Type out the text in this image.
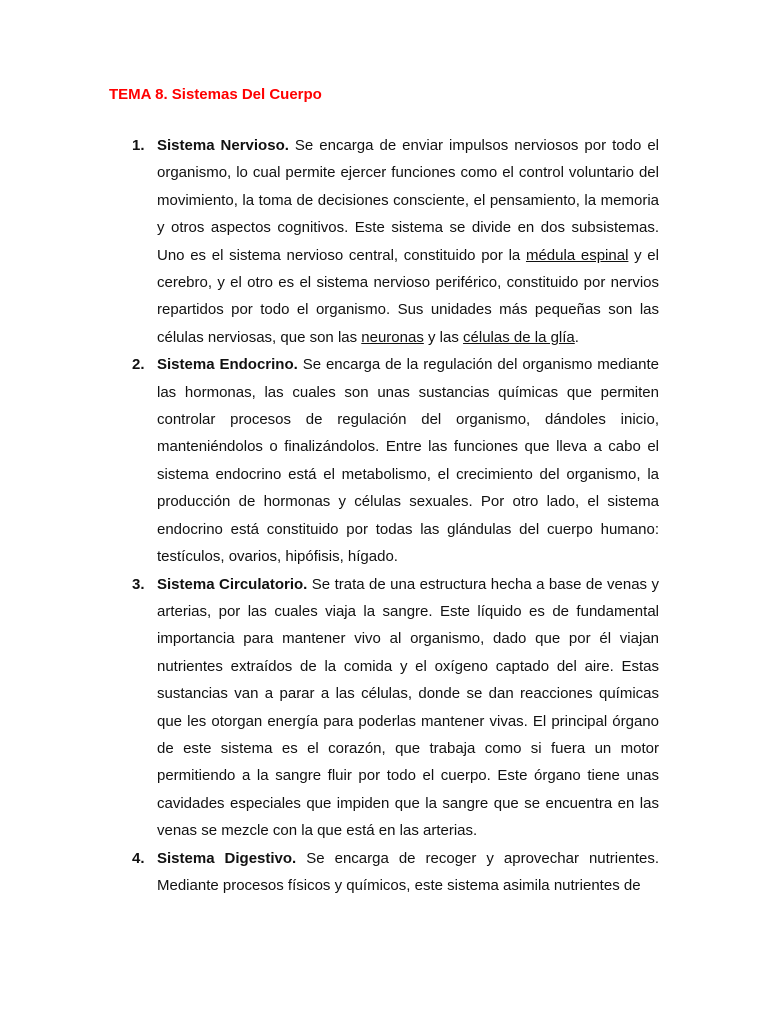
TEMA 8. Sistemas Del Cuerpo
1. Sistema Nervioso. Se encarga de enviar impulsos nerviosos por todo el organismo, lo cual permite ejercer funciones como el control voluntario del movimiento, la toma de decisiones consciente, el pensamiento, la memoria y otros aspectos cognitivos. Este sistema se divide en dos subsistemas. Uno es el sistema nervioso central, constituido por la médula espinal y el cerebro, y el otro es el sistema nervioso periférico, constituido por nervios repartidos por todo el organismo. Sus unidades más pequeñas son las células nerviosas, que son las neuronas y las células de la glía.
2. Sistema Endocrino. Se encarga de la regulación del organismo mediante las hormonas, las cuales son unas sustancias químicas que permiten controlar procesos de regulación del organismo, dándoles inicio, manteniéndolos o finalizándolos. Entre las funciones que lleva a cabo el sistema endocrino está el metabolismo, el crecimiento del organismo, la producción de hormonas y células sexuales. Por otro lado, el sistema endocrino está constituido por todas las glándulas del cuerpo humano: testículos, ovarios, hipófisis, hígado.
3. Sistema Circulatorio. Se trata de una estructura hecha a base de venas y arterias, por las cuales viaja la sangre. Este líquido es de fundamental importancia para mantener vivo al organismo, dado que por él viajan nutrientes extraídos de la comida y el oxígeno captado del aire. Estas sustancias van a parar a las células, donde se dan reacciones químicas que les otorgan energía para poderlas mantener vivas. El principal órgano de este sistema es el corazón, que trabaja como si fuera un motor permitiendo a la sangre fluir por todo el cuerpo. Este órgano tiene unas cavidades especiales que impiden que la sangre que se encuentra en las venas se mezcle con la que está en las arterias.
4. Sistema Digestivo. Se encarga de recoger y aprovechar nutrientes. Mediante procesos físicos y químicos, este sistema asimila nutrientes de
